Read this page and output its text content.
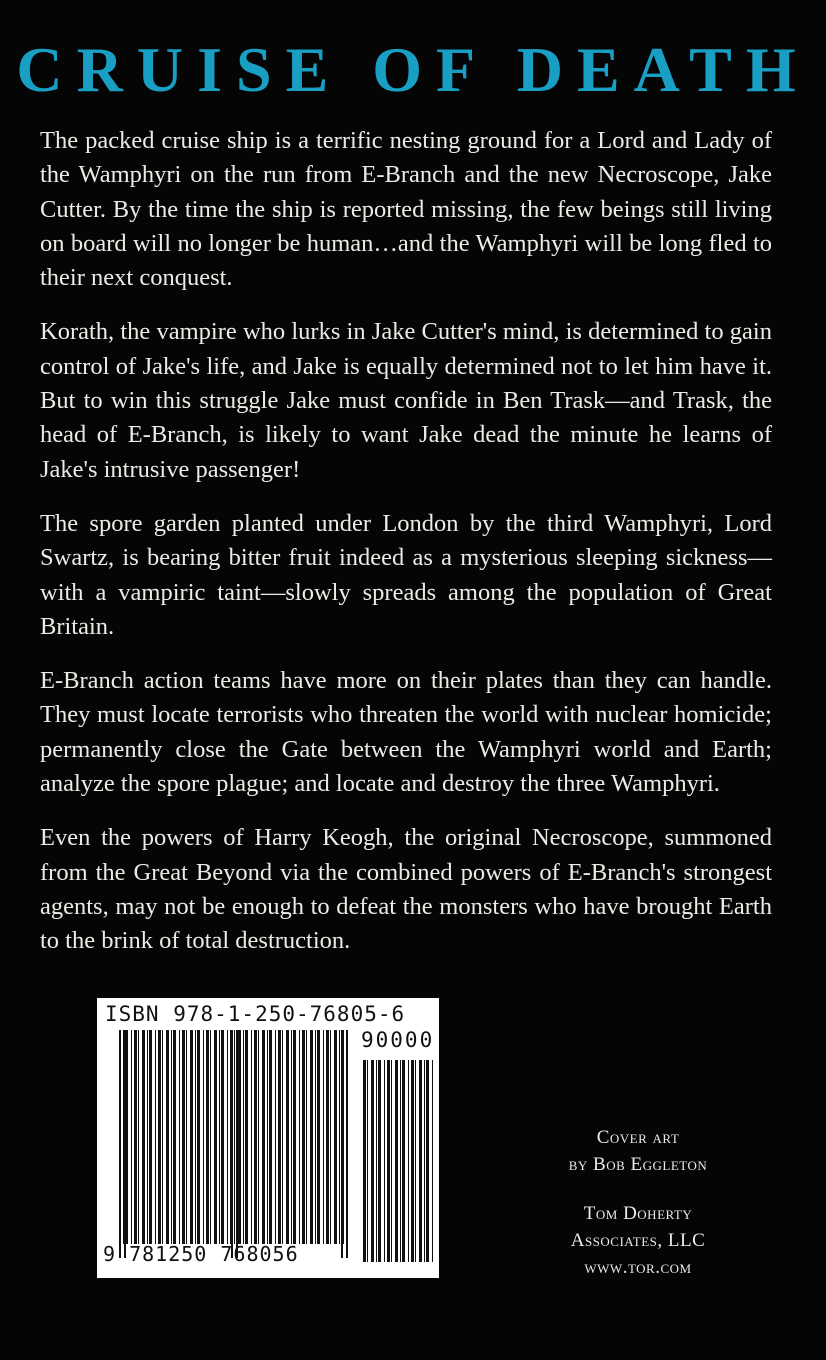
CRUISE OF DEATH

The packed cruise ship is a terrific nesting ground for a Lord and Lady of the Wamphyri on the run from E-Branch and the new Necroscope, Jake Cutter. By the time the ship is reported missing, the few beings still living on board will no longer be human…and the Wamphyri will be long fled to their next conquest.

Korath, the vampire who lurks in Jake Cutter's mind, is determined to gain control of Jake's life, and Jake is equally determined not to let him have it. But to win this struggle Jake must confide in Ben Trask—and Trask, the head of E-Branch, is likely to want Jake dead the minute he learns of Jake's intrusive passenger!

The spore garden planted under London by the third Wamphyri, Lord Swartz, is bearing bitter fruit indeed as a mysterious sleeping sickness—with a vampiric taint—slowly spreads among the population of Great Britain.

E-Branch action teams have more on their plates than they can handle. They must locate terrorists who threaten the world with nuclear homicide; permanently close the Gate between the Wamphyri world and Earth; analyze the spore plague; and locate and destroy the three Wamphyri.

Even the powers of Harry Keogh, the original Necroscope, summoned from the Great Beyond via the combined powers of E-Branch's strongest agents, may not be enough to defeat the monsters who have brought Earth to the brink of total destruction.

ISBN 978-1-250-76805-6
90000
9 781250 768056
Cover art
by Bob Eggleton
Tom Doherty
Associates, LLC
www.tor.com
